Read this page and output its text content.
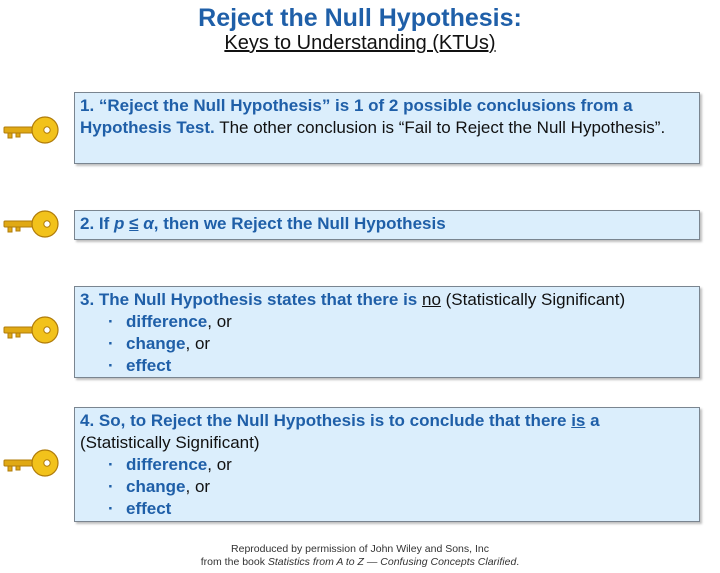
Reject the Null Hypothesis:
Keys to Understanding (KTUs)
1. “Reject the Null Hypothesis” is 1 of 2 possible conclusions from a Hypothesis Test. The other conclusion is “Fail to Reject the Null Hypothesis”.
2. If p ≤ α, then we Reject the Null Hypothesis
3. The Null Hypothesis states that there is no (Statistically Significant)
· difference, or
· change, or
· effect
4. So, to Reject the Null Hypothesis is to conclude that there is a
(Statistically Significant)
· difference, or
· change, or
· effect
Reproduced by permission of John Wiley and Sons, Inc
from the book Statistics from A to Z — Confusing Concepts Clarified.
